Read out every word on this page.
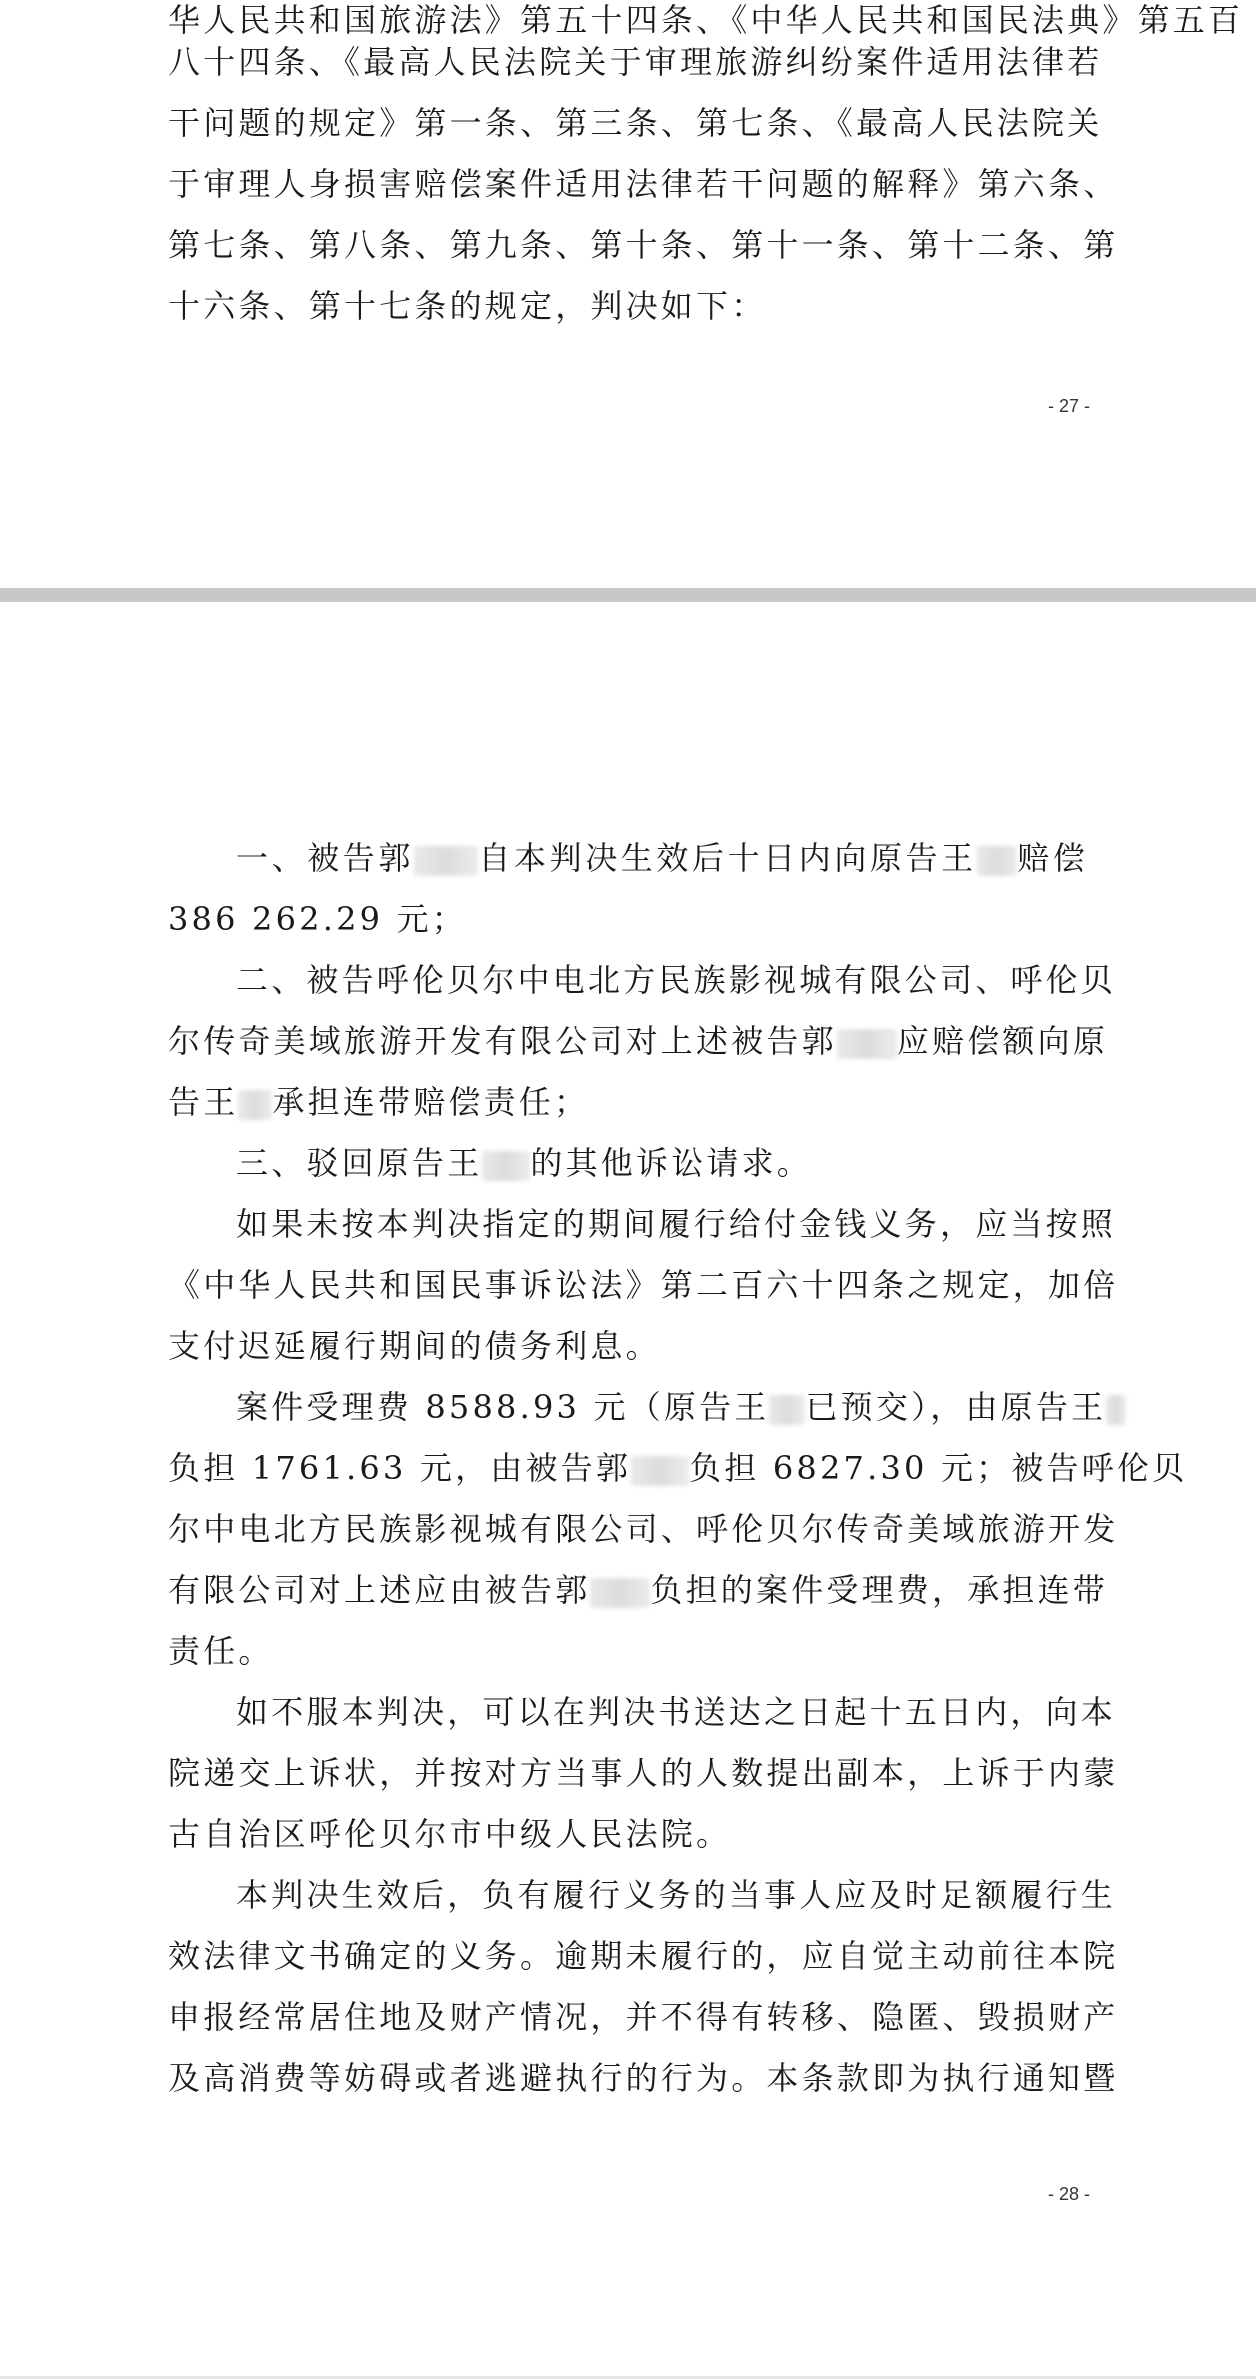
华人民共和国旅游法》第五十四条、《中华人民共和国民法典》第五百
八十四条、《最高人民法院关于审理旅游纠纷案件适用法律若
干问题的规定》第一条、第三条、第七条、《最高人民法院关
于审理人身损害赔偿案件适用法律若干问题的解释》第六条、
第七条、第八条、第九条、第十条、第十一条、第十二条、第
十六条、第十七条的规定，判决如下：
- 27 -
一、被告郭 自本判决生效后十日内向原告王 赔偿
386 262.29 元；
二、被告呼伦贝尔中电北方民族影视城有限公司、呼伦贝
尔传奇美域旅游开发有限公司对上述被告郭 应赔偿额向原
告王 承担连带赔偿责任；
三、驳回原告王 的其他诉讼请求。
如果未按本判决指定的期间履行给付金钱义务，应当按照
《中华人民共和国民事诉讼法》第二百六十四条之规定，加倍
支付迟延履行期间的债务利息。
案件受理费 8588.93 元（原告王 已预交），由原告王
负担 1761.63 元，由被告郭 负担 6827.30 元；被告呼伦贝
尔中电北方民族影视城有限公司、呼伦贝尔传奇美域旅游开发
有限公司对上述应由被告郭 负担的案件受理费，承担连带
责任。
如不服本判决，可以在判决书送达之日起十五日内，向本
院递交上诉状，并按对方当事人的人数提出副本，上诉于内蒙
古自治区呼伦贝尔市中级人民法院。
本判决生效后，负有履行义务的当事人应及时足额履行生
效法律文书确定的义务。逾期未履行的，应自觉主动前往本院
申报经常居住地及财产情况，并不得有转移、隐匿、毁损财产
及高消费等妨碍或者逃避执行的行为。本条款即为执行通知暨
- 28 -
